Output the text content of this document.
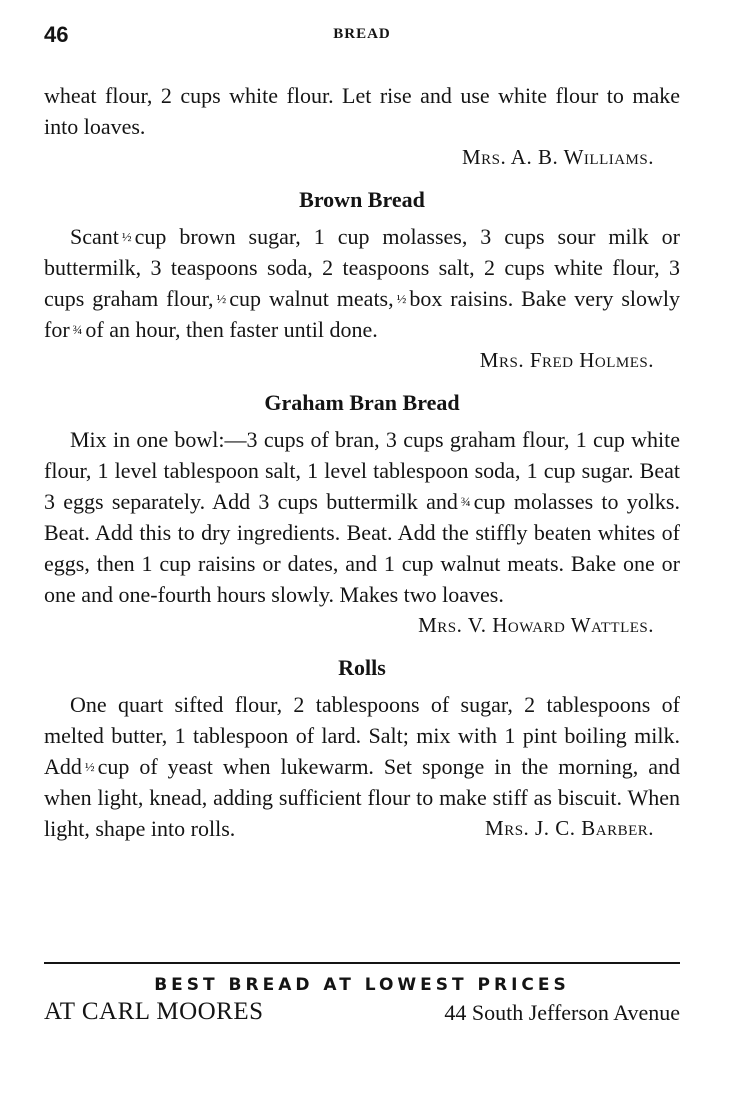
46	BREAD

wheat flour, 2 cups white flour. Let rise and use white flour to make into loaves.

Mrs. A. B. Williams.
Brown Bread

Scant ½ cup brown sugar, 1 cup molasses, 3 cups sour milk or buttermilk, 3 teaspoons soda, 2 teaspoons salt, 2 cups white flour, 3 cups graham flour, ½ cup walnut meats, ½ box raisins. Bake very slowly for ¾ of an hour, then faster until done.

Mrs. Fred Holmes.
Graham Bran Bread

Mix in one bowl:—3 cups of bran, 3 cups graham flour, 1 cup white flour, 1 level tablespoon salt, 1 level tablespoon soda, 1 cup sugar. Beat 3 eggs separately. Add 3 cups buttermilk and ¾ cup molasses to yolks. Beat. Add this to dry ingredients. Beat. Add the stiffly beaten whites of eggs, then 1 cup raisins or dates, and 1 cup walnut meats. Bake one or one and one-fourth hours slowly. Makes two loaves.

Mrs. V. Howard Wattles.
Rolls

One quart sifted flour, 2 tablespoons of sugar, 2 tablespoons of melted butter, 1 tablespoon of lard. Salt; mix with 1 pint boiling milk. Add ½ cup of yeast when lukewarm. Set sponge in the morning, and when light, knead, adding sufficient flour to make stiff as biscuit. When light, shape into rolls.	Mrs. J. C. Barber.

BEST BREAD AT LOWEST PRICES
AT CARL MOORES	44 South Jefferson Avenue
